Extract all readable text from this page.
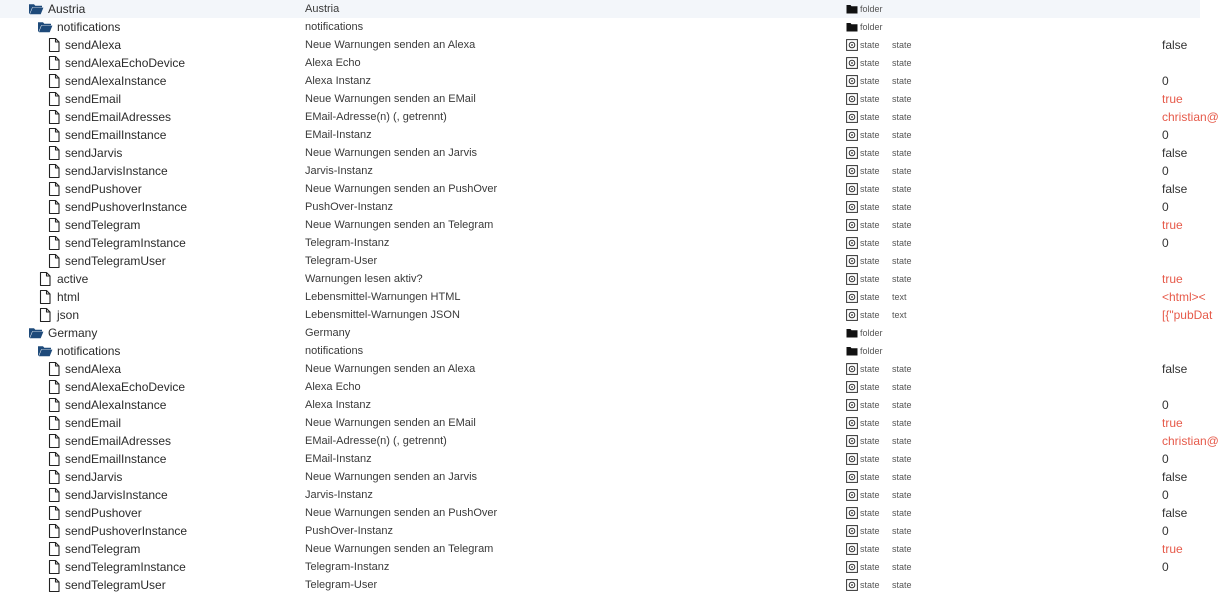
Austria	Austria	folder
notifications	notifications	folder
sendAlexa	Neue Warnungen senden an Alexa	state state	false
sendAlexaEchoDevice	Alexa Echo	state state
sendAlexaInstance	Alexa Instanz	state state	0
sendEmail	Neue Warnungen senden an EMail	state state	true
sendEmailAdresses	EMail-Adresse(n) (, getrennt)	state state	christian@
sendEmailInstance	EMail-Instanz	state state	0
sendJarvis	Neue Warnungen senden an Jarvis	state state	false
sendJarvisInstance	Jarvis-Instanz	state state	0
sendPushover	Neue Warnungen senden an PushOver	state state	false
sendPushoverInstance	PushOver-Instanz	state state	0
sendTelegram	Neue Warnungen senden an Telegram	state state	true
sendTelegramInstance	Telegram-Instanz	state state	0
sendTelegramUser	Telegram-User	state state
active	Warnungen lesen aktiv?	state state	true
html	Lebensmittel-Warnungen HTML	state text	<html><
json	Lebensmittel-Warnungen JSON	state text	[{"pubDat
Germany	Germany	folder
notifications	notifications	folder
sendAlexa	Neue Warnungen senden an Alexa	state state	false
sendAlexaEchoDevice	Alexa Echo	state state
sendAlexaInstance	Alexa Instanz	state state	0
sendEmail	Neue Warnungen senden an EMail	state state	true
sendEmailAdresses	EMail-Adresse(n) (, getrennt)	state state	christian@
sendEmailInstance	EMail-Instanz	state state	0
sendJarvis	Neue Warnungen senden an Jarvis	state state	false
sendJarvisInstance	Jarvis-Instanz	state state	0
sendPushover	Neue Warnungen senden an PushOver	state state	false
sendPushoverInstance	PushOver-Instanz	state state	0
sendTelegram	Neue Warnungen senden an Telegram	state state	true
sendTelegramInstance	Telegram-Instanz	state state	0
sendTelegramUser	Telegram-User	state state
